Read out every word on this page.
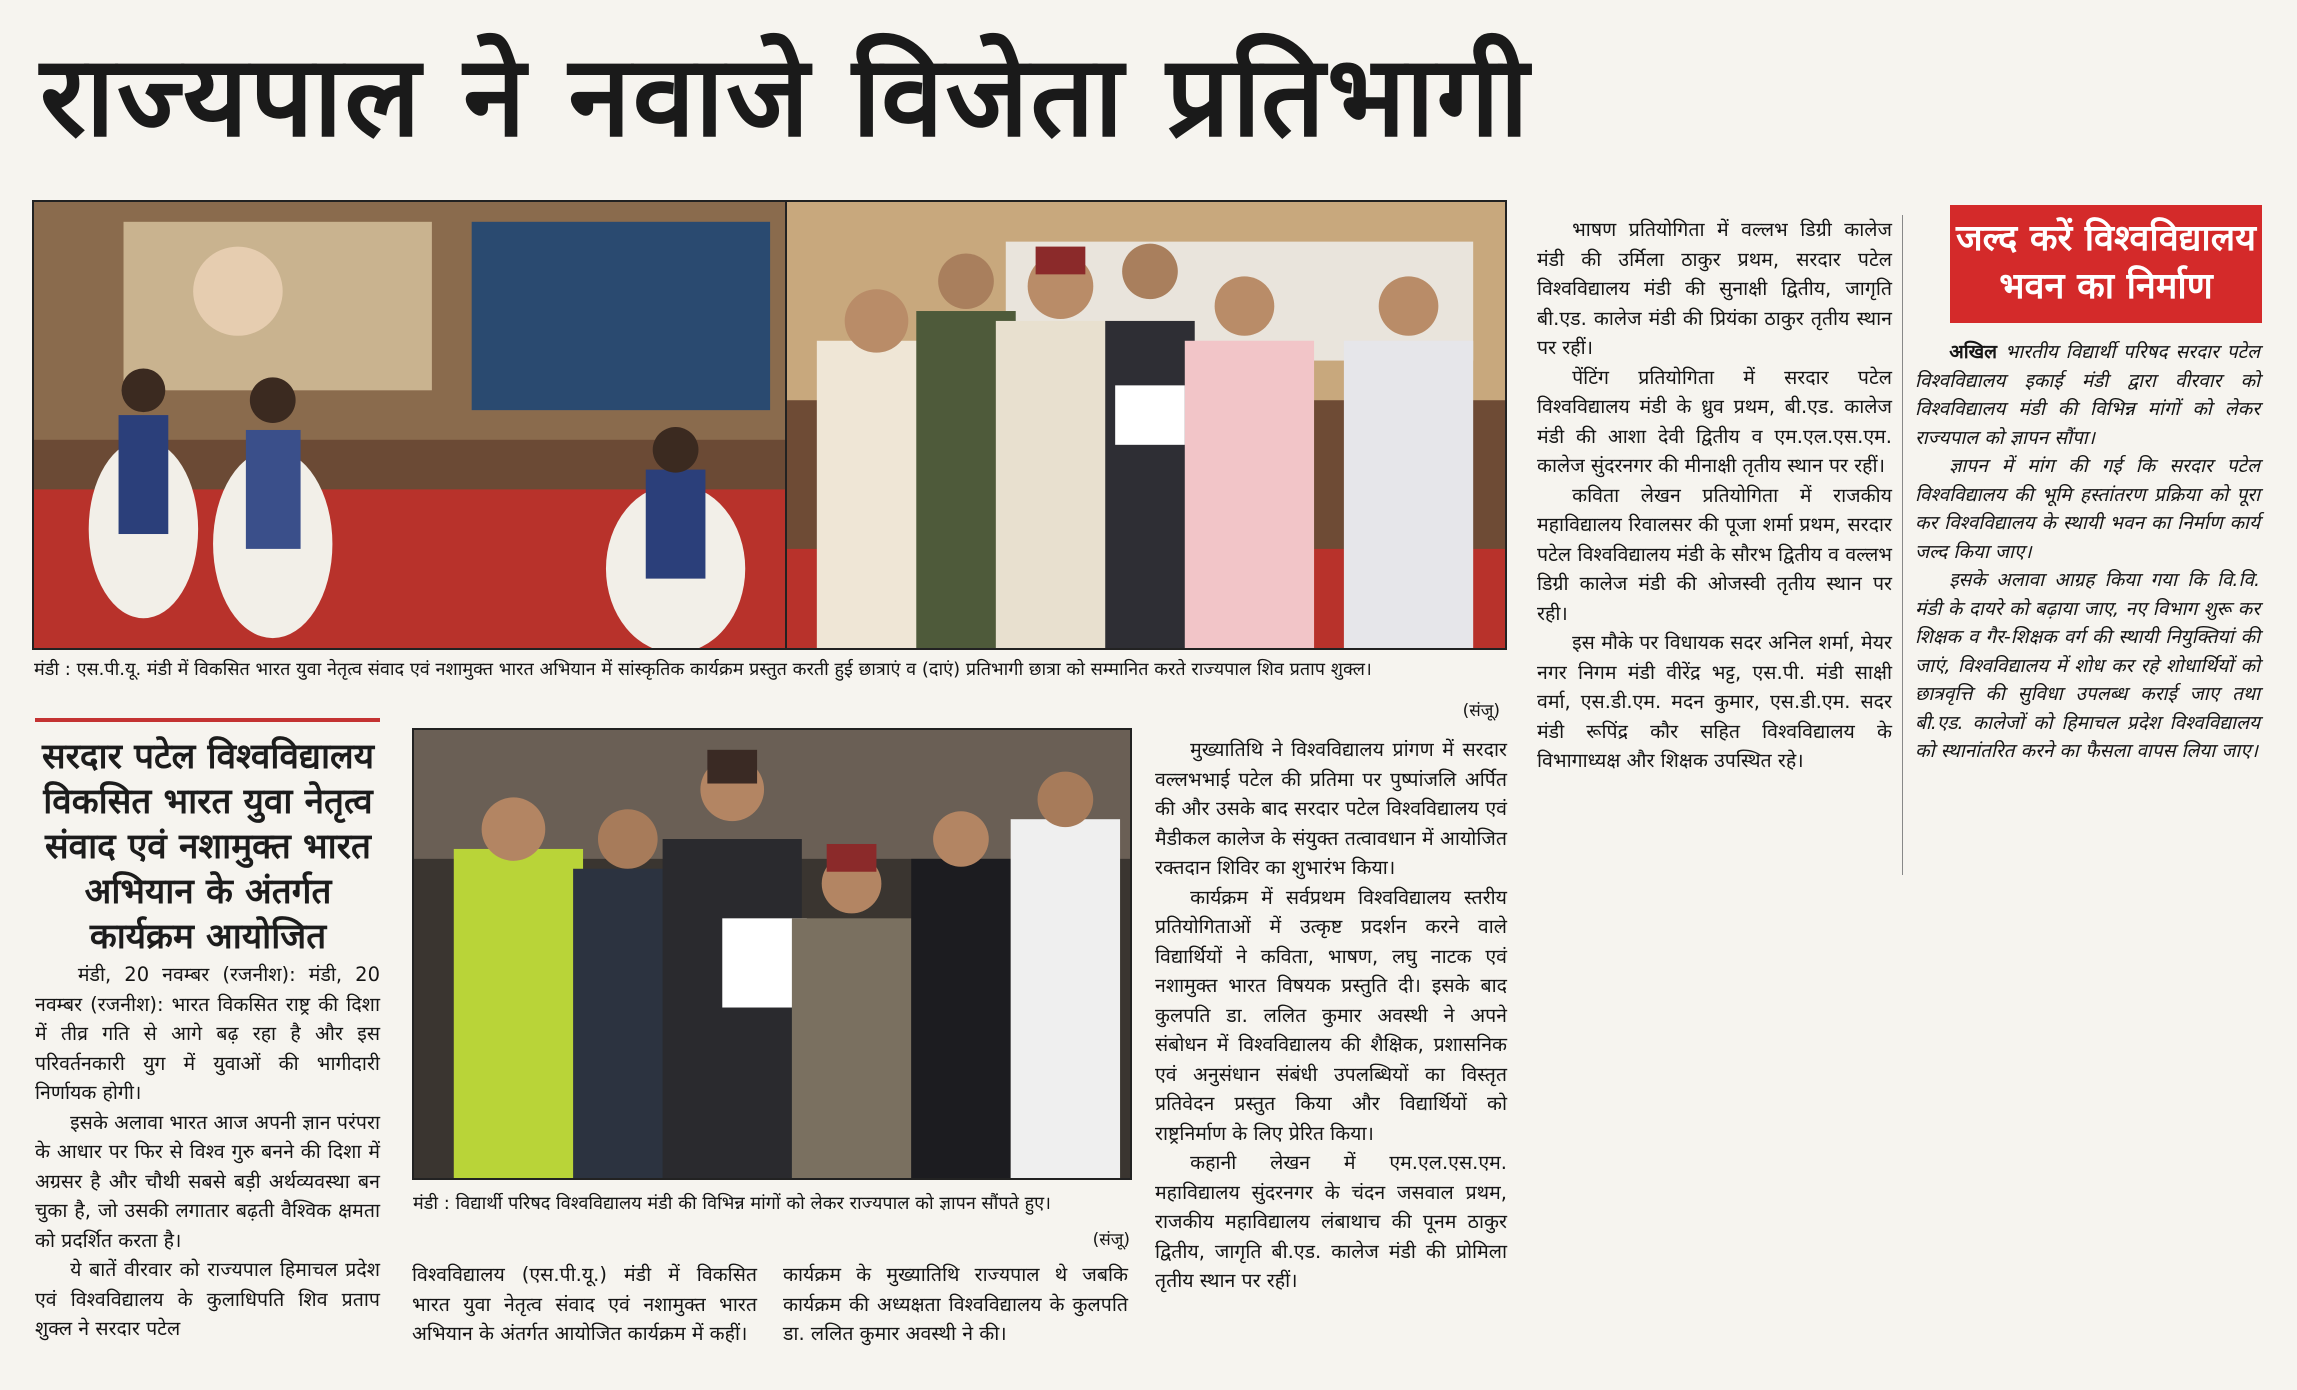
राज्यपाल ने नवाजे विजेता प्रतिभागी
मंडी : एस.पी.यू. मंडी में विकसित भारत युवा नेतृत्व संवाद एवं नशामुक्त भारत अभियान में सांस्कृतिक कार्यक्रम प्रस्तुत करती हुई छात्राएं व (दाएं) प्रतिभागी छात्रा को सम्मानित करते राज्यपाल शिव प्रताप शुक्ल।
(संजू)
सरदार पटेल विश्वविद्यालय विकसित भारत युवा नेतृत्व संवाद एवं नशामुक्त भारत अभियान के अंतर्गत कार्यक्रम आयोजित

मंडी, 20 नवम्बर (रजनीश): मंडी, 20 नवम्बर (रजनीश): भारत विकसित राष्ट्र की दिशा में तीव्र गति से आगे बढ़ रहा है और इस परिवर्तनकारी युग में युवाओं की भागीदारी निर्णायक होगी।

इसके अलावा भारत आज अपनी ज्ञान परंपरा के आधार पर फिर से विश्व गुरु बनने की दिशा में अग्रसर है और चौथी सबसे बड़ी अर्थव्यवस्था बन चुका है, जो उसकी लगातार बढ़ती वैश्विक क्षमता को प्रदर्शित करता है।

ये बातें वीरवार को राज्यपाल हिमाचल प्रदेश एवं विश्वविद्यालय के कुलाधिपति शिव प्रताप शुक्ल ने सरदार पटेल

मंडी : विद्यार्थी परिषद विश्वविद्यालय मंडी की विभिन्न मांगों को लेकर राज्यपाल को ज्ञापन सौंपते हुए।
(संजू)
विश्वविद्यालय (एस.पी.यू.) मंडी में विकसित भारत युवा नेतृत्व संवाद एवं नशामुक्त भारत अभियान के अंतर्गत आयोजित कार्यक्रम में कहीं।
कार्यक्रम के मुख्यातिथि राज्यपाल थे जबकि कार्यक्रम की अध्यक्षता विश्वविद्यालय के कुलपति डा. ललित कुमार अवस्थी ने की।

मुख्यातिथि ने विश्वविद्यालय प्रांगण में सरदार वल्लभभाई पटेल की प्रतिमा पर पुष्पांजलि अर्पित की और उसके बाद सरदार पटेल विश्वविद्यालय एवं मैडीकल कालेज के संयुक्त तत्वावधान में आयोजित रक्तदान शिविर का शुभारंभ किया।

कार्यक्रम में सर्वप्रथम विश्वविद्यालय स्तरीय प्रतियोगिताओं में उत्कृष्ट प्रदर्शन करने वाले विद्यार्थियों ने कविता, भाषण, लघु नाटक एवं नशामुक्त भारत विषयक प्रस्तुति दी। इसके बाद कुलपति डा. ललित कुमार अवस्थी ने अपने संबोधन में विश्वविद्यालय की शैक्षिक, प्रशासनिक एवं अनुसंधान संबंधी उपलब्धियों का विस्तृत प्रतिवेदन प्रस्तुत किया और विद्यार्थियों को राष्ट्रनिर्माण के लिए प्रेरित किया।

कहानी लेखन में एम.एल.एस.एम. महाविद्यालय सुंदरनगर के चंदन जसवाल प्रथम, राजकीय महाविद्यालय लंबाथाच की पूनम ठाकुर द्वितीय, जागृति बी.एड. कालेज मंडी की प्रोमिला तृतीय स्थान पर रहीं।

भाषण प्रतियोगिता में वल्लभ डिग्री कालेज मंडी की उर्मिला ठाकुर प्रथम, सरदार पटेल विश्वविद्यालय मंडी की सुनाक्षी द्वितीय, जागृति बी.एड. कालेज मंडी की प्रियंका ठाकुर तृतीय स्थान पर रहीं।

पेंटिंग प्रतियोगिता में सरदार पटेल विश्वविद्यालय मंडी के ध्रुव प्रथम, बी.एड. कालेज मंडी की आशा देवी द्वितीय व एम.एल.एस.एम. कालेज सुंदरनगर की मीनाक्षी तृतीय स्थान पर रहीं।

कविता लेखन प्रतियोगिता में राजकीय महाविद्यालय रिवालसर की पूजा शर्मा प्रथम, सरदार पटेल विश्वविद्यालय मंडी के सौरभ द्वितीय व वल्लभ डिग्री कालेज मंडी की ओजस्वी तृतीय स्थान पर रही।

इस मौके पर विधायक सदर अनिल शर्मा, मेयर नगर निगम मंडी वीरेंद्र भट्ट, एस.पी. मंडी साक्षी वर्मा, एस.डी.एम. मदन कुमार, एस.डी.एम. सदर मंडी रूपिंद्र कौर सहित विश्वविद्यालय के विभागाध्यक्ष और शिक्षक उपस्थित रहे।

जल्द करें विश्वविद्यालय भवन का निर्माण

अखिल भारतीय विद्यार्थी परिषद सरदार पटेल विश्वविद्यालय इकाई मंडी द्वारा वीरवार को विश्वविद्यालय मंडी की विभिन्न मांगों को लेकर राज्यपाल को ज्ञापन सौंपा।

ज्ञापन में मांग की गई कि सरदार पटेल विश्वविद्यालय की भूमि हस्तांतरण प्रक्रिया को पूरा कर विश्वविद्यालय के स्थायी भवन का निर्माण कार्य जल्द किया जाए।

इसके अलावा आग्रह किया गया कि वि.वि. मंडी के दायरे को बढ़ाया जाए, नए विभाग शुरू कर शिक्षक व गैर-शिक्षक वर्ग की स्थायी नियुक्तियां की जाएं, विश्वविद्यालय में शोध कर रहे शोधार्थियों को छात्रवृत्ति की सुविधा उपलब्ध कराई जाए तथा बी.एड. कालेजों को हिमाचल प्रदेश विश्वविद्यालय को स्थानांतरित करने का फैसला वापस लिया जाए।
